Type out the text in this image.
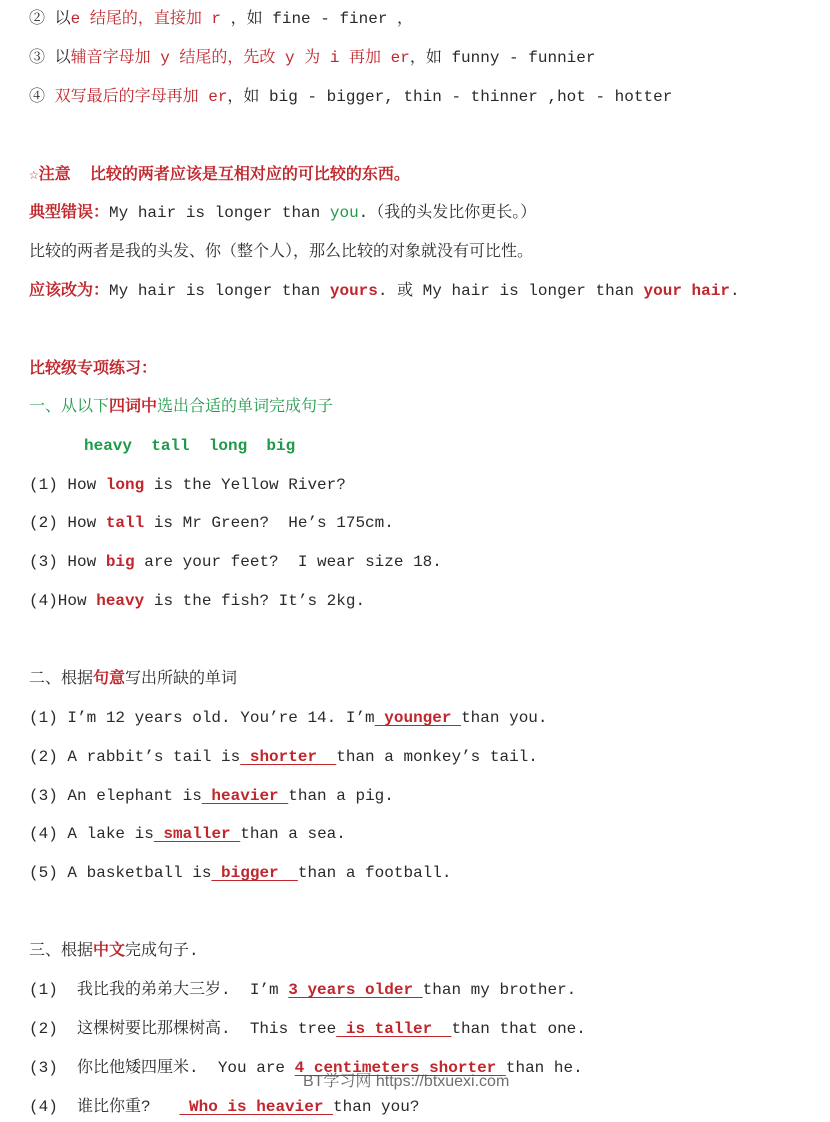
② 以e 结尾的，直接加 r ，如 fine - finer ，
③ 以辅音字母加 y 结尾的，先改 y 为 i 再加 er，如 funny - funnier
④ 双写最后的字母再加 er，如 big - bigger, thin - thinner ,hot - hotter
☆注意  比较的两者应该是互相对应的可比较的东西。
典型错误：My hair is longer than you.（我的头发比你更长。）
比较的两者是我的头发、你（整个人），那么比较的对象就没有可比性。
应该改为：My hair is longer than yours. 或 My hair is longer than your hair.
比较级专项练习：
一、从以下四词中选出合适的单词完成句子
heavy  tall  long  big
(1) How long is the Yellow River?
(2) How tall is Mr Green?  He’s 175cm.
(3) How big are your feet?  I wear size 18.
(4)How heavy is the fish? It’s 2kg.
二、根据句意写出所缺的单词
(1) I’m 12 years old. You’re 14. I’m younger than you.
(2) A rabbit’s tail is shorter  than a monkey’s tail.
(3) An elephant is heavier than a pig.
(4) A lake is smaller than a sea.
(5) A basketball is bigger  than a football.
三、根据中文完成句子.
(1)  我比我的弟弟大三岁.  I’m 3 years older than my brother.
(2)  这棵树要比那棵树高.  This tree is taller  than that one.
(3)  你比他矮四厘米.  You are 4 centimeters shorter than he.
(4)  谁比你重?    Who is heavier than you?
BT学习网 https://btxuexi.com
